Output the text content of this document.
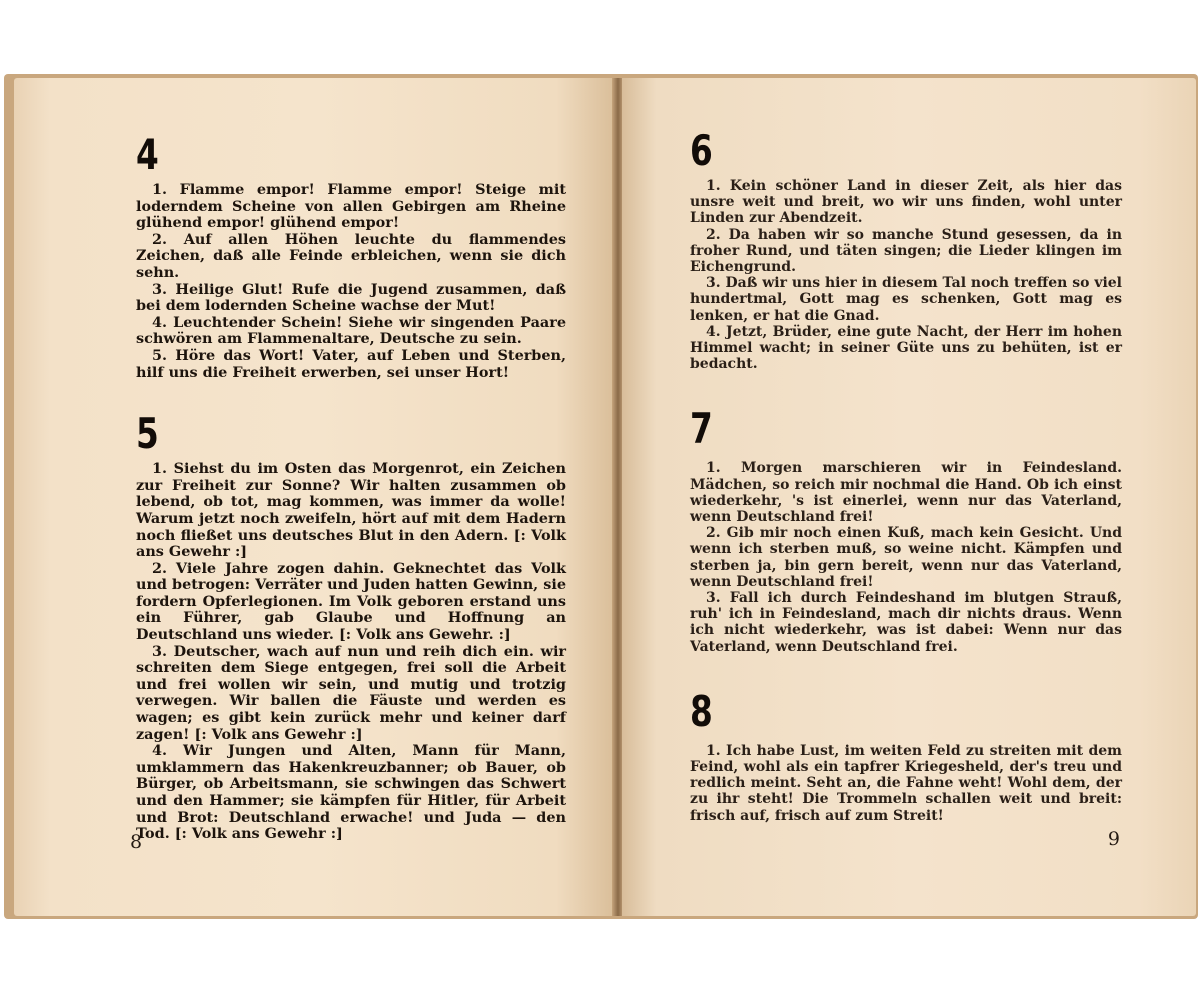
4

1. Flamme empor! Flamme empor! Steige mit loderndem Scheine von allen Gebirgen am Rheine glühend empor! glühend empor!

2. Auf allen Höhen leuchte du flammendes Zeichen, daß alle Feinde erbleichen, wenn sie dich sehn.

3. Heilige Glut! Rufe die Jugend zusammen, daß bei dem lodernden Scheine wachse der Mut!

4. Leuchtender Schein! Siehe wir singenden Paare schwören am Flammenaltare, Deutsche zu sein.

5. Höre das Wort! Vater, auf Leben und Sterben, hilf uns die Freiheit erwerben, sei unser Hort!

5

1. Siehst du im Osten das Morgenrot, ein Zeichen zur Freiheit zur Sonne? Wir halten zusammen ob lebend, ob tot, mag kommen, was immer da wolle! Warum jetzt noch zweifeln, hört auf mit dem Hadern noch fließet uns deutsches Blut in den Adern. [: Volk ans Gewehr :]

2. Viele Jahre zogen dahin. Geknechtet das Volk und betrogen: Verräter und Juden hatten Gewinn, sie fordern Opferlegionen. Im Volk geboren erstand uns ein Führer, gab Glaube und Hoffnung an Deutschland uns wieder. [: Volk ans Gewehr. :]

3. Deutscher, wach auf nun und reih dich ein. wir schreiten dem Siege entgegen, frei soll die Arbeit und frei wollen wir sein, und mutig und trotzig verwegen. Wir ballen die Fäuste und werden es wagen; es gibt kein zurück mehr und keiner darf zagen! [: Volk ans Gewehr :]

4. Wir Jungen und Alten, Mann für Mann, umklammern das Hakenkreuzbanner; ob Bauer, ob Bürger, ob Arbeitsmann, sie schwingen das Schwert und den Hammer; sie kämpfen für Hitler, für Arbeit und Brot: Deutschland erwache! und Juda — den Tod. [: Volk ans Gewehr :]

8
6

1. Kein schöner Land in dieser Zeit, als hier das unsre weit und breit, wo wir uns finden, wohl unter Linden zur Abendzeit.

2. Da haben wir so manche Stund gesessen, da in froher Rund, und täten singen; die Lieder klingen im Eichengrund.

3. Daß wir uns hier in diesem Tal noch treffen so viel hundertmal, Gott mag es schenken, Gott mag es lenken, er hat die Gnad.

4. Jetzt, Brüder, eine gute Nacht, der Herr im hohen Himmel wacht; in seiner Güte uns zu behüten, ist er bedacht.

7

1. Morgen marschieren wir in Feindesland. Mädchen, so reich mir nochmal die Hand. Ob ich einst wiederkehr, 's ist einerlei, wenn nur das Vaterland, wenn Deutschland frei!

2. Gib mir noch einen Kuß, mach kein Gesicht. Und wenn ich sterben muß, so weine nicht. Kämpfen und sterben ja, bin gern bereit, wenn nur das Vaterland, wenn Deutschland frei!

3. Fall ich durch Feindeshand im blutgen Strauß, ruh' ich in Feindesland, mach dir nichts draus. Wenn ich nicht wiederkehr, was ist dabei: Wenn nur das Vaterland, wenn Deutschland frei.

8

1. Ich habe Lust, im weiten Feld zu streiten mit dem Feind, wohl als ein tapfrer Kriegesheld, der's treu und redlich meint. Seht an, die Fahne weht! Wohl dem, der zu ihr steht! Die Trommeln schallen weit und breit: frisch auf, frisch auf zum Streit!

9
